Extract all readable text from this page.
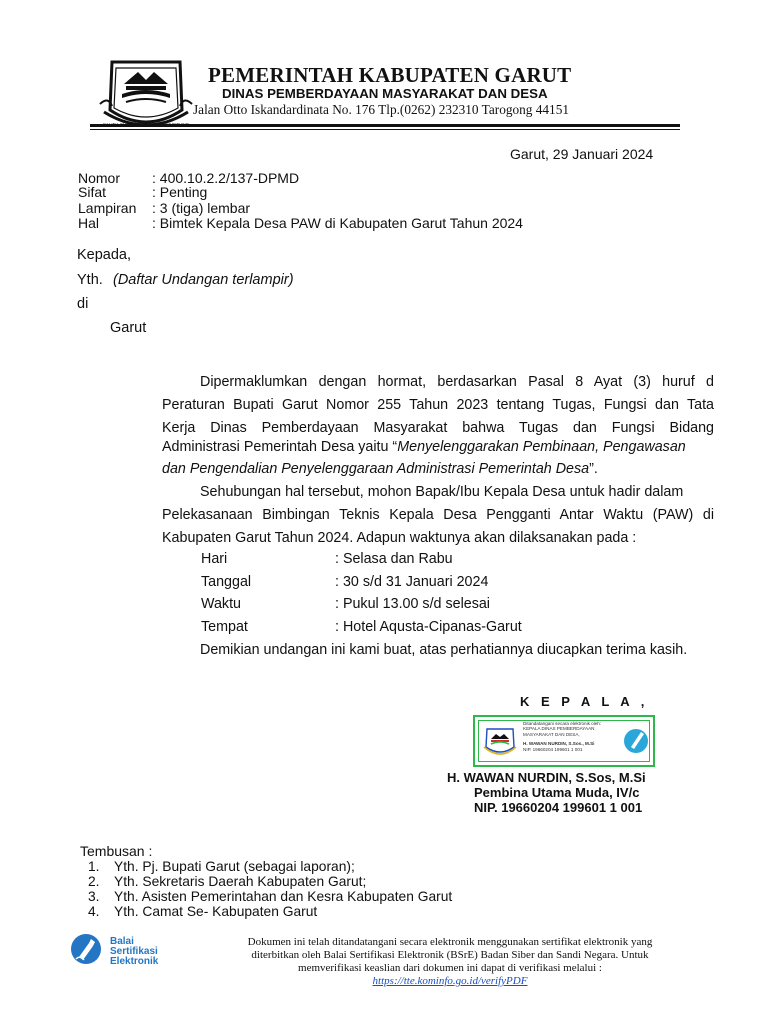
PEMERINTAH KABUPATEN GARUT
DINAS PEMBERDAYAAN MASYARAKAT DAN DESA
Jalan Otto Iskandardinata No. 176 Tlp.(0262) 232310 Tarogong 44151
Garut, 29 Januari 2024
Nomor	: 400.10.2.2/137-DPMD
Sifat	: Penting
Lampiran	: 3 (tiga) lembar
Hal	: Bimtek Kepala Desa PAW di Kabupaten Garut Tahun 2024
Kepada,
Yth. (Daftar Undangan terlampir)
di
Garut
Dipermaklumkan dengan hormat, berdasarkan Pasal 8 Ayat (3) huruf d
Peraturan Bupati Garut Nomor 255 Tahun 2023 tentang Tugas, Fungsi dan Tata
Kerja Dinas Pemberdayaan Masyarakat bahwa Tugas dan Fungsi Bidang
Administrasi Pemerintah Desa yaitu “Menyelenggarakan Pembinaan, Pengawasan
dan Pengendalian Penyelenggaraan Administrasi Pemerintah Desa”.
Sehubungan hal tersebut, mohon Bapak/Ibu Kepala Desa untuk hadir dalam
Pelekasanaan Bimbingan Teknis Kepala Desa Pengganti Antar Waktu (PAW) di
Kabupaten Garut Tahun 2024. Adapun waktunya akan dilaksanakan pada :
Hari	: Selasa dan Rabu
Tanggal	: 30 s/d 31 Januari 2024
Waktu	: Pukul 13.00 s/d selesai
Tempat	: Hotel Aqusta-Cipanas-Garut
Demikian undangan ini kami buat, atas perhatiannya diucapkan terima kasih.
K E P A L A ,
Ditandatangani secara elektronik oleh:
KEPALA DINAS PEMBERDAYAAN
MASYARAKAT DAN DESA,
H. WAWAN NURDIN, S.Sos., M.Si
NIP. 19660204 199601 1 001
H. WAWAN NURDIN, S.Sos, M.Si
Pembina Utama Muda, IV/c
NIP. 19660204 199601 1 001
Tembusan :
1. Yth. Pj. Bupati Garut (sebagai laporan);
2. Yth. Sekretaris Daerah Kabupaten Garut;
3. Yth. Asisten Pemerintahan dan Kesra Kabupaten Garut
4. Yth. Camat Se- Kabupaten Garut
Balai
Sertifikasi
Elektronik
Dokumen ini telah ditandatangani secara elektronik menggunakan sertifikat elektronik yang
diterbitkan oleh Balai Sertifikasi Elektronik (BSrE) Badan Siber dan Sandi Negara. Untuk
memverifikasi keaslian dari dokumen ini dapat di verifikasi melalui :
https://tte.kominfo.go.id/verifyPDF
